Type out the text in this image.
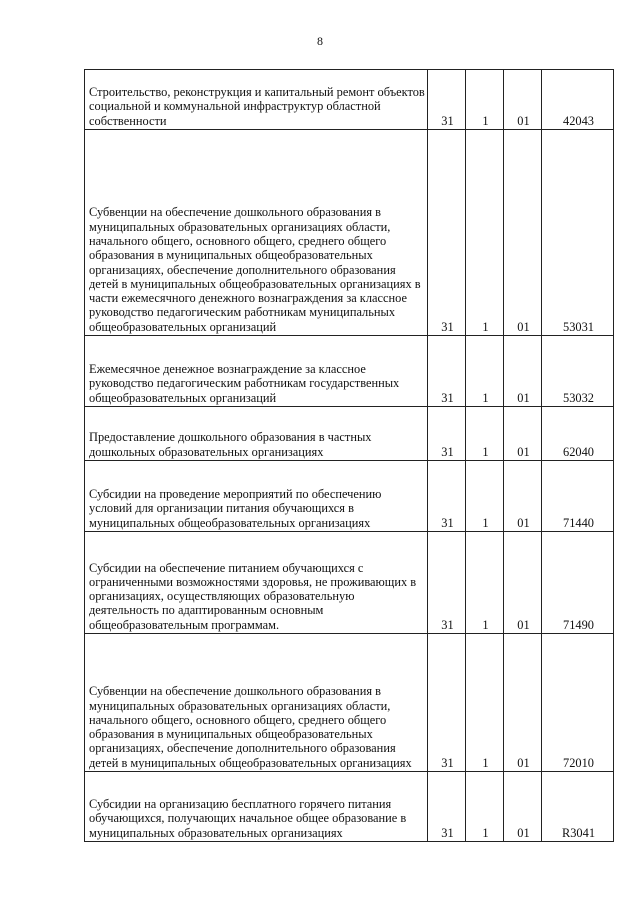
8
Строительство, реконструкция и капитальный ремонт объектов социальной и коммунальной инфраструктур областной собственности	31	1	01	42043
Субвенции на обеспечение дошкольного образования в муниципальных образовательных организациях области, начального общего, основного общего, среднего общего образования в муниципальных общеобразовательных организациях, обеспечение дополнительного образования детей в муниципальных общеобразовательных организациях в части ежемесячного денежного вознаграждения за классное руководство педагогическим работникам муниципальных общеобразовательных организаций	31	1	01	53031
Ежемесячное денежное вознаграждение за классное руководство педагогическим работникам государственных общеобразовательных организаций	31	1	01	53032
Предоставление дошкольного образования в частных дошкольных образовательных организациях	31	1	01	62040
Субсидии на проведение мероприятий по обеспечению условий для организации питания обучающихся в муниципальных общеобразовательных организациях	31	1	01	71440
Субсидии на обеспечение питанием обучающихся с ограниченными возможностями здоровья, не проживающих в организациях, осуществляющих образовательную деятельность по адаптированным основным общеобразовательным программам.	31	1	01	71490
Субвенции на обеспечение дошкольного образования в муниципальных образовательных организациях области, начального общего, основного общего, среднего общего образования в муниципальных общеобразовательных организациях, обеспечение дополнительного образования детей в муниципальных общеобразовательных организациях	31	1	01	72010
Субсидии на организацию бесплатного горячего питания обучающихся, получающих начальное общее образование в муниципальных образовательных организациях	31	1	01	R3041
